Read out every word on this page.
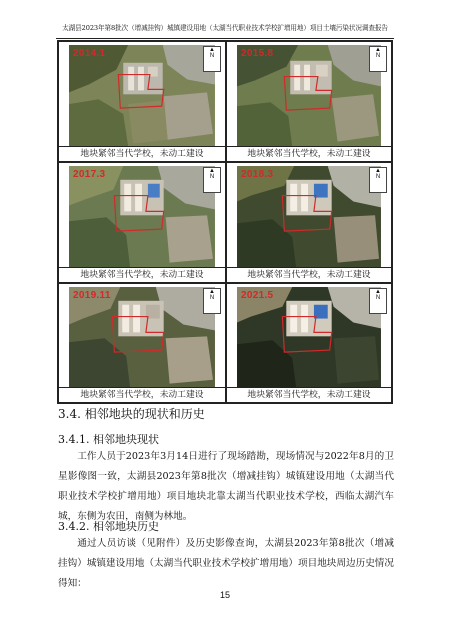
太湖县2023年第8批次（增减挂钩）城镇建设用地（太湖当代职业技术学校扩增用地）项目土壤污染状况调查报告
2014.1	▲
N
地块紧邻当代学校，未动工建设
2015.8	▲
N
地块紧邻当代学校，未动工建设
2017.3	▲
N
地块紧邻当代学校，未动工建设
2018.3	▲
N
地块紧邻当代学校，未动工建设
2019.11	▲
N
地块紧邻当代学校，未动工建设
2021.5	▲
N
地块紧邻当代学校，未动工建设
3.4. 相邻地块的现状和历史
3.4.1. 相邻地块现状

工作人员于2023年3月14日进行了现场踏勘，现场情况与2022年8月的卫星影像图一致，太湖县2023年第8批次（增减挂钩）城镇建设用地（太湖当代职业技术学校扩增用地）项目地块北靠太湖当代职业技术学校，西临太湖汽车城，东侧为农田，南侧为林地。

3.4.2. 相邻地块历史

通过人员访谈（见附件）及历史影像查询，太湖县2023年第8批次（增减挂钩）城镇建设用地（太湖当代职业技术学校扩增用地）项目地块周边历史情况得知：

15
